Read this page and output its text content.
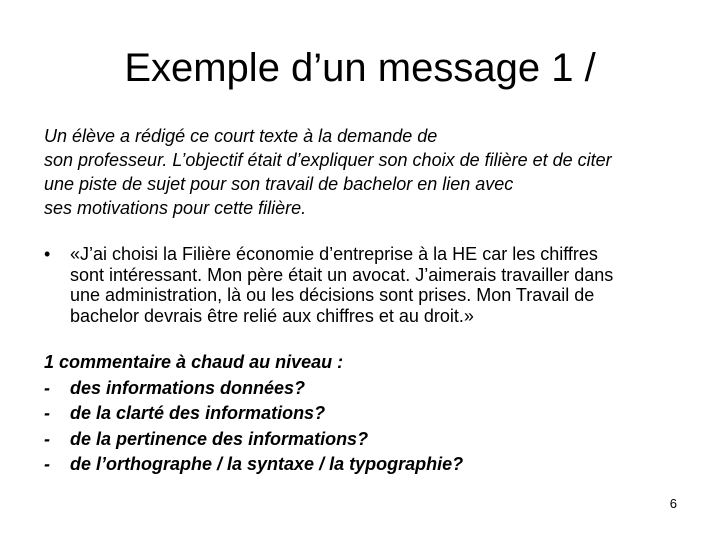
Exemple d’un message 1 /
Un élève a rédigé ce court texte à la demande de
son professeur. L’objectif était d’expliquer son choix de filière et de citer
une piste de sujet pour son travail de bachelor en lien avec
ses motivations pour cette filière.
•	«J’ai choisi la Filière économie d’entreprise à la HE car les chiffres
sont intéressant. Mon père était un avocat. J’aimerais travailler dans
une administration, là ou les décisions sont prises. Mon Travail de
bachelor devrais être relié aux chiffres et au droit.»
1 commentaire à chaud au niveau :
- des informations données?
- de la clarté des informations?
- de la pertinence des informations?
- de l’orthographe / la syntaxe / la typographie?
6
